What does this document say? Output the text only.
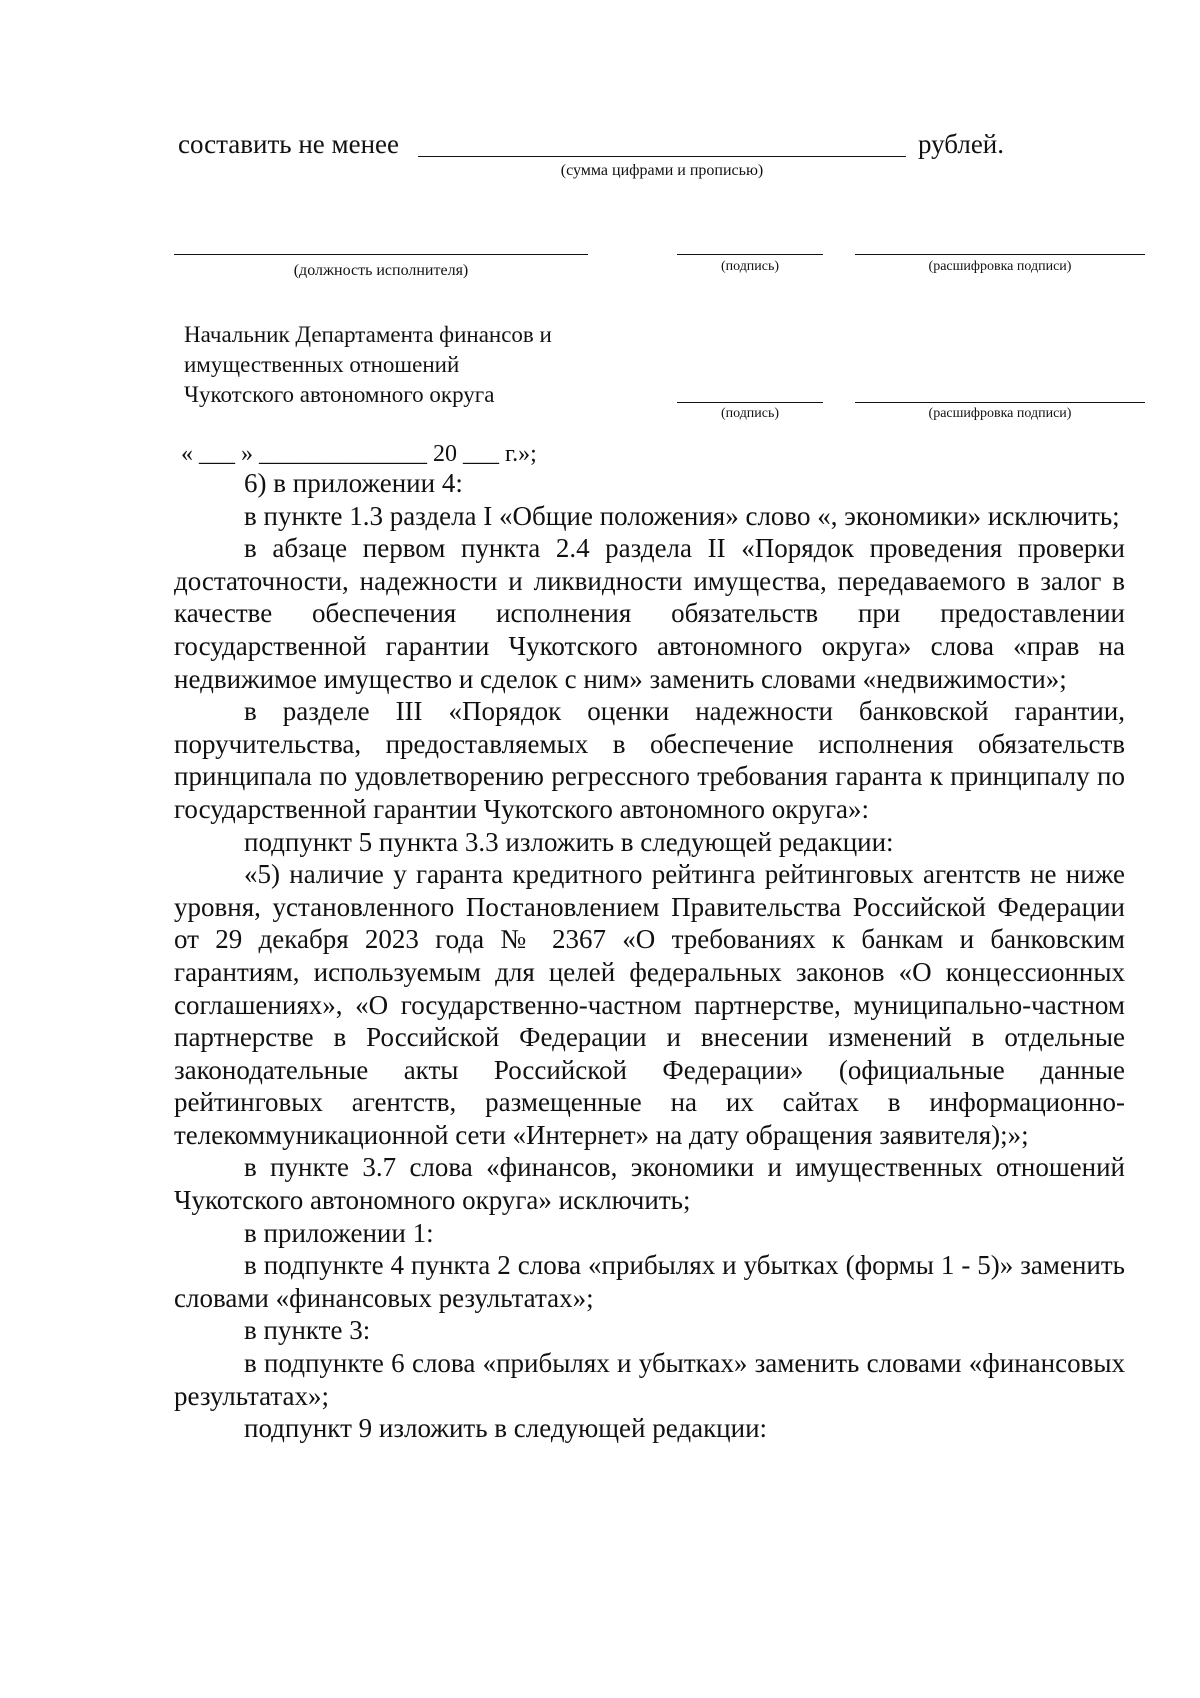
составить не менее	рублей.
(сумма цифрами и прописью)
(должность исполнителя)	(подпись)	(расшифровка подписи)
Начальник Департамента финансов и
имущественных отношений
Чукотского автономного округа
(подпись)	(расшифровка подписи)
« ___ » ______________ 20 ___ г.»;

6) в приложении 4:

в пункте 1.3 раздела I «Общие положения» слово «, экономики» исключить;

в абзаце первом пункта 2.4 раздела II «Порядок проведения проверки достаточности, надежности и ликвидности имущества, передаваемого в залог в качестве обеспечения исполнения обязательств при предоставлении государственной гарантии Чукотского автономного округа» слова «прав на недвижимое имущество и сделок с ним» заменить словами «недвижимости»;

в разделе III «Порядок оценки надежности банковской гарантии, поручительства, предоставляемых в обеспечение исполнения обязательств принципала по удовлетворению регрессного требования гаранта к принципалу по государственной гарантии Чукотского автономного округа»:

подпункт 5 пункта 3.3 изложить в следующей редакции:

«5) наличие у гаранта кредитного рейтинга рейтинговых агентств не ниже уровня, установленного Постановлением Правительства Российской Федерации от 29 декабря 2023 года № 2367 «О требованиях к банкам и банковским гарантиям, используемым для целей федеральных законов «О концессионных соглашениях», «О государственно-частном партнерстве, муниципально-частном партнерстве в Российской Федерации и внесении изменений в отдельные законодательные акты Российской Федерации» (официальные данные рейтинговых агентств, размещенные на их сайтах в информационно-телекоммуникационной сети «Интернет» на дату обращения заявителя);»;

в пункте 3.7 слова «финансов, экономики и имущественных отношений Чукотского автономного округа» исключить;

в приложении 1:

в подпункте 4 пункта 2 слова «прибылях и убытках (формы 1 - 5)» заменить словами «финансовых результатах»;

в пункте 3:

в подпункте 6 слова «прибылях и убытках» заменить словами «финансовых результатах»;

подпункт 9 изложить в следующей редакции:
